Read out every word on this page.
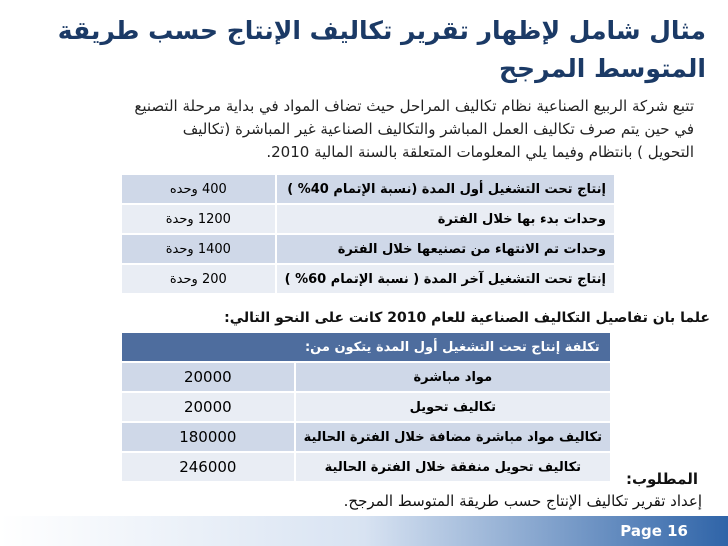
مثال شامل لإظهار تقرير تكاليف الإنتاج حسب طريقة المتوسط المرجح

تتبع شركة الربيع الصناعية نظام تكاليف المراحل حيث تضاف المواد في بداية مرحلة التصنيع في حين يتم صرف تكاليف العمل المباشر والتكاليف الصناعية غير المباشرة (تكاليف التحويل ) بانتظام وفيما يلي المعلومات المتعلقة بالسنة المالية 2010.

إنتاج تحت التشغيل أول المدة (نسبة الإتمام 40% )	400 وحده
وحدات بدء بها خلال الفترة	1200 وحدة
وحدات تم الانتهاء من تصنيعها خلال الفترة	1400 وحدة
إنتاج تحت التشغيل آخر المدة ( نسبة الإتمام 60% )	200 وحدة

علما بان تفاصيل التكاليف الصناعية للعام 2010 كانت على النحو التالي:

تكلفة إنتاج تحت التشغيل أول المدة يتكون من:	
مواد مباشرة	20000
تكاليف تحويل	20000
تكاليف مواد مباشرة مضافة خلال الفترة الحالية	180000
تكاليف تحويل منفقة خلال الفترة الحالية	246000

المطلوب:

إعداد تقرير تكاليف الإنتاج حسب طريقة المتوسط المرجح.

Page 16
